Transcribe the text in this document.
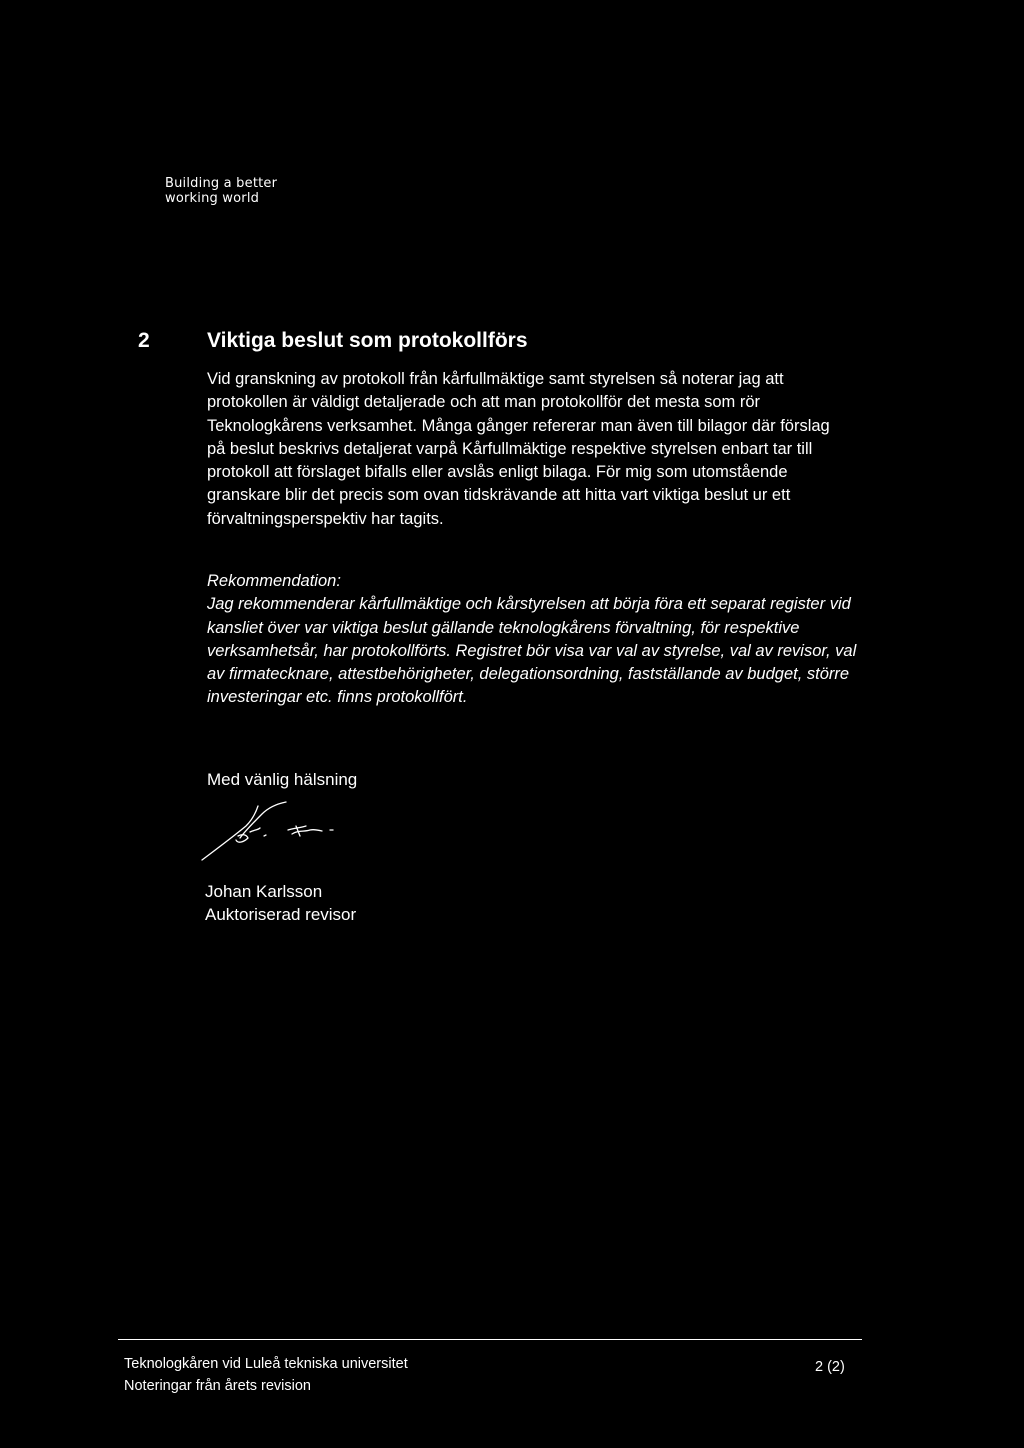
Building a better
working world
2	Viktiga beslut som protokollförs

Vid granskning av protokoll från kårfullmäktige samt styrelsen så noterar jag att protokollen är väldigt detaljerade och att man protokollför det mesta som rör Teknologkårens verksamhet. Många gånger refererar man även till bilagor där förslag på beslut beskrivs detaljerat varpå Kårfullmäktige respektive styrelsen enbart tar till protokoll att förslaget bifalls eller avslås enligt bilaga. För mig som utomstående granskare blir det precis som ovan tidskrävande att hitta vart viktiga beslut ur ett förvaltningsperspektiv har tagits.

Rekommendation:
Jag rekommenderar kårfullmäktige och kårstyrelsen att börja föra ett separat register vid kansliet över var viktiga beslut gällande teknologkårens förvaltning, för respektive verksamhetsår, har protokollförts. Registret bör visa var val av styrelse, val av revisor, val av firmatecknare, attestbehörigheter, delegationsordning, fastställande av budget, större investeringar etc. finns protokollfört.
Med vänlig hälsning
Johan Karlsson
Auktoriserad revisor
Teknologkåren vid Luleå tekniska universitet
Noteringar från årets revision
2 (2)
